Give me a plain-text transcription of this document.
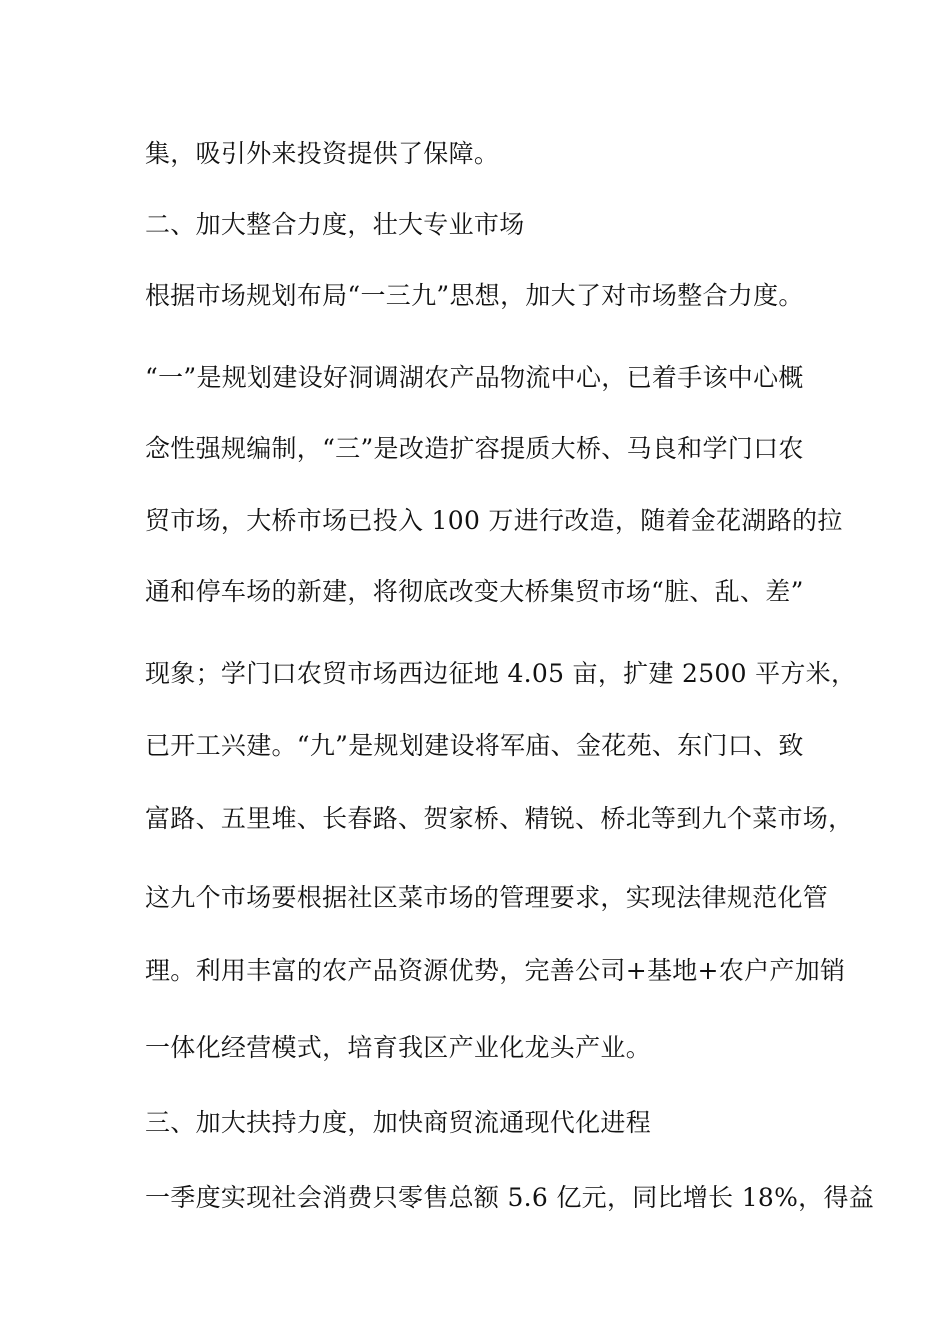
集，吸引外来投资提供了保障。
二、加大整合力度，壮大专业市场
根据市场规划布局“一三九”思想，加大了对市场整合力度。
“一”是规划建设好洞调湖农产品物流中心，已着手该中心概
念性强规编制，“三”是改造扩容提质大桥、马良和学门口农
贸市场，大桥市场已投入 100 万进行改造，随着金花湖路的拉
通和停车场的新建，将彻底改变大桥集贸市场“脏、乱、差”
现象；学门口农贸市场西边征地 4.05 亩，扩建 2500 平方米，
已开工兴建。“九”是规划建设将军庙、金花苑、东门口、致
富路、五里堆、长春路、贺家桥、精锐、桥北等到九个菜市场，
这九个市场要根据社区菜市场的管理要求，实现法律规范化管
理。利用丰富的农产品资源优势，完善公司+基地+农户产加销
一体化经营模式，培育我区产业化龙头产业。
三、加大扶持力度，加快商贸流通现代化进程
一季度实现社会消费只零售总额 5.6 亿元，同比增长 18%，得益
